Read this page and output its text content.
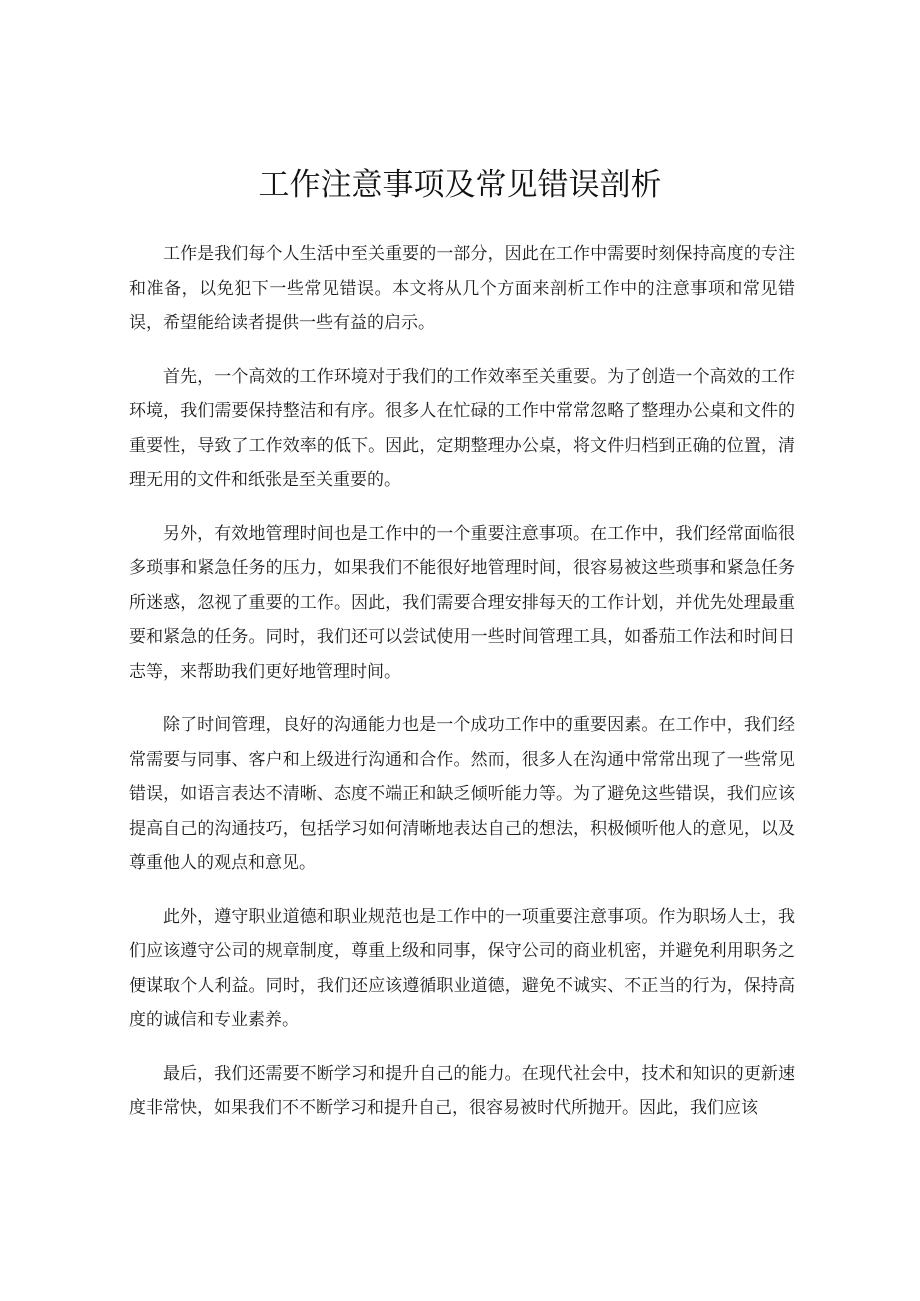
工作注意事项及常见错误剖析

工作是我们每个人生活中至关重要的一部分，因此在工作中需要时刻保持高度的专注和准备，以免犯下一些常见错误。本文将从几个方面来剖析工作中的注意事项和常见错误，希望能给读者提供一些有益的启示。

首先，一个高效的工作环境对于我们的工作效率至关重要。为了创造一个高效的工作环境，我们需要保持整洁和有序。很多人在忙碌的工作中常常忽略了整理办公桌和文件的重要性，导致了工作效率的低下。因此，定期整理办公桌，将文件归档到正确的位置，清理无用的文件和纸张是至关重要的。

另外，有效地管理时间也是工作中的一个重要注意事项。在工作中，我们经常面临很多琐事和紧急任务的压力，如果我们不能很好地管理时间，很容易被这些琐事和紧急任务所迷惑，忽视了重要的工作。因此，我们需要合理安排每天的工作计划，并优先处理最重要和紧急的任务。同时，我们还可以尝试使用一些时间管理工具，如番茄工作法和时间日志等，来帮助我们更好地管理时间。

除了时间管理，良好的沟通能力也是一个成功工作中的重要因素。在工作中，我们经常需要与同事、客户和上级进行沟通和合作。然而，很多人在沟通中常常出现了一些常见错误，如语言表达不清晰、态度不端正和缺乏倾听能力等。为了避免这些错误，我们应该提高自己的沟通技巧，包括学习如何清晰地表达自己的想法，积极倾听他人的意见，以及尊重他人的观点和意见。

此外，遵守职业道德和职业规范也是工作中的一项重要注意事项。作为职场人士，我们应该遵守公司的规章制度，尊重上级和同事，保守公司的商业机密，并避免利用职务之便谋取个人利益。同时，我们还应该遵循职业道德，避免不诚实、不正当的行为，保持高度的诚信和专业素养。

最后，我们还需要不断学习和提升自己的能力。在现代社会中，技术和知识的更新速度非常快，如果我们不不断学习和提升自己，很容易被时代所抛开。因此，我们应该
